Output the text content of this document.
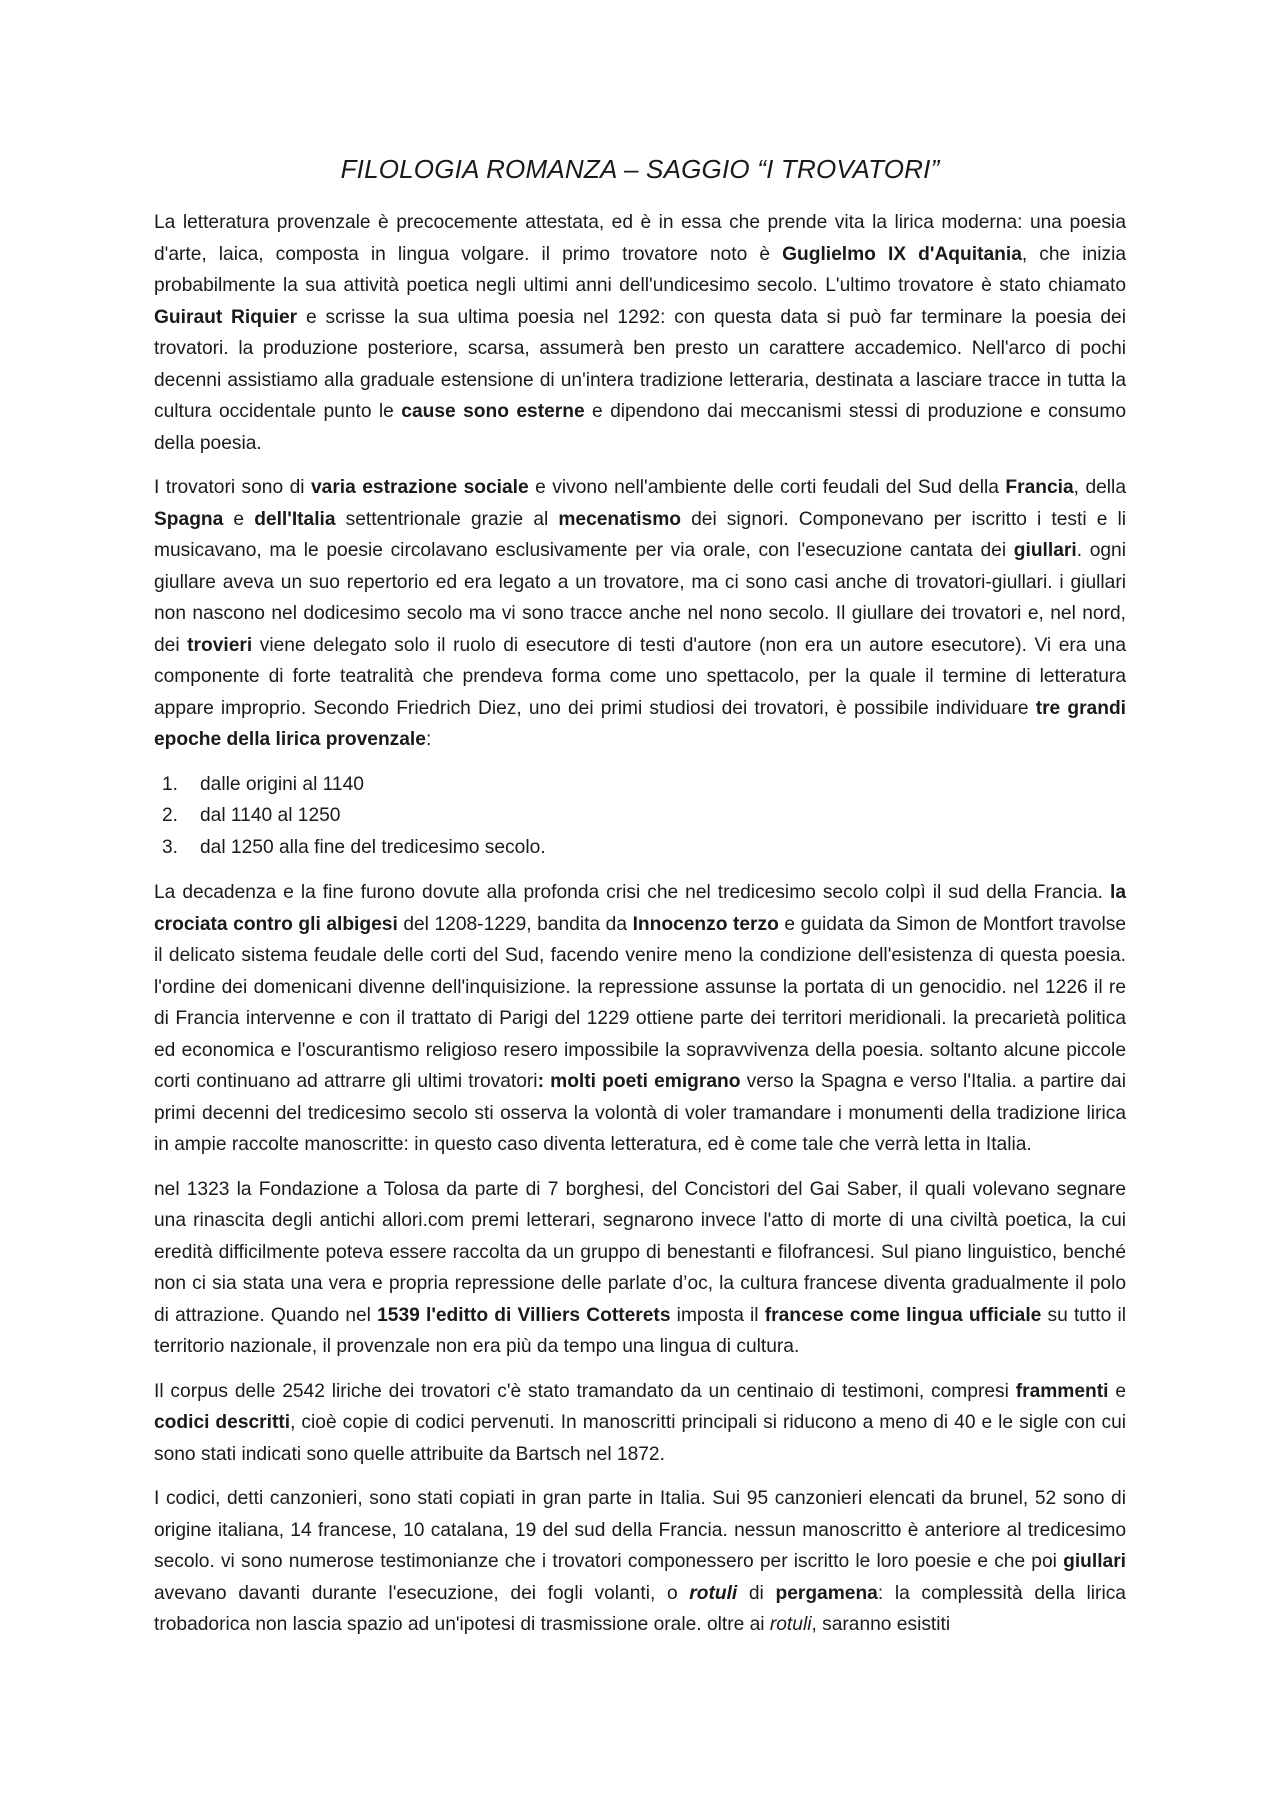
FILOLOGIA ROMANZA – SAGGIO “I TROVATORI”

La letteratura provenzale è precocemente attestata, ed è in essa che prende vita la lirica moderna: una poesia d'arte, laica, composta in lingua volgare. il primo trovatore noto è Guglielmo IX d'Aquitania, che inizia probabilmente la sua attività poetica negli ultimi anni dell'undicesimo secolo. L'ultimo trovatore è stato chiamato Guiraut Riquier e scrisse la sua ultima poesia nel 1292: con questa data si può far terminare la poesia dei trovatori. la produzione posteriore, scarsa, assumerà ben presto un carattere accademico. Nell'arco di pochi decenni assistiamo alla graduale estensione di un'intera tradizione letteraria, destinata a lasciare tracce in tutta la cultura occidentale punto le cause sono esterne e dipendono dai meccanismi stessi di produzione e consumo della poesia.

I trovatori sono di varia estrazione sociale e vivono nell'ambiente delle corti feudali del Sud della Francia, della Spagna e dell'Italia settentrionale grazie al mecenatismo dei signori. Componevano per iscritto i testi e li musicavano, ma le poesie circolavano esclusivamente per via orale, con l'esecuzione cantata dei giullari. ogni giullare aveva un suo repertorio ed era legato a un trovatore, ma ci sono casi anche di trovatori-giullari. i giullari non nascono nel dodicesimo secolo ma vi sono tracce anche nel nono secolo. Il giullare dei trovatori e, nel nord, dei trovieri viene delegato solo il ruolo di esecutore di testi d'autore (non era un autore esecutore). Vi era una componente di forte teatralità che prendeva forma come uno spettacolo, per la quale il termine di letteratura appare improprio. Secondo Friedrich Diez, uno dei primi studiosi dei trovatori, è possibile individuare tre grandi epoche della lirica provenzale:

1. dalle origini al 1140
2. dal 1140 al 1250
3. dal 1250 alla fine del tredicesimo secolo.

La decadenza e la fine furono dovute alla profonda crisi che nel tredicesimo secolo colpì il sud della Francia. la crociata contro gli albigesi del 1208-1229, bandita da Innocenzo terzo e guidata da Simon de Montfort travolse il delicato sistema feudale delle corti del Sud, facendo venire meno la condizione dell'esistenza di questa poesia. l'ordine dei domenicani divenne dell'inquisizione. la repressione assunse la portata di un genocidio. nel 1226 il re di Francia intervenne e con il trattato di Parigi del 1229 ottiene parte dei territori meridionali. la precarietà politica ed economica e l'oscurantismo religioso resero impossibile la sopravvivenza della poesia. soltanto alcune piccole corti continuano ad attrarre gli ultimi trovatori: molti poeti emigrano verso la Spagna e verso l'Italia. a partire dai primi decenni del tredicesimo secolo sti osserva la volontà di voler tramandare i monumenti della tradizione lirica in ampie raccolte manoscritte: in questo caso diventa letteratura, ed è come tale che verrà letta in Italia.

nel 1323 la Fondazione a Tolosa da parte di 7 borghesi, del Concistori del Gai Saber, il quali volevano segnare una rinascita degli antichi allori.com premi letterari, segnarono invece l'atto di morte di una civiltà poetica, la cui eredità difficilmente poteva essere raccolta da un gruppo di benestanti e filofrancesi. Sul piano linguistico, benché non ci sia stata una vera e propria repressione delle parlate d’oc, la cultura francese diventa gradualmente il polo di attrazione. Quando nel 1539 l'editto di Villiers Cotterets imposta il francese come lingua ufficiale su tutto il territorio nazionale, il provenzale non era più da tempo una lingua di cultura.

Il corpus delle 2542 liriche dei trovatori c'è stato tramandato da un centinaio di testimoni, compresi frammenti e codici descritti, cioè copie di codici pervenuti. In manoscritti principali si riducono a meno di 40 e le sigle con cui sono stati indicati sono quelle attribuite da Bartsch nel 1872.

I codici, detti canzonieri, sono stati copiati in gran parte in Italia. Sui 95 canzonieri elencati da brunel, 52 sono di origine italiana, 14 francese, 10 catalana, 19 del sud della Francia. nessun manoscritto è anteriore al tredicesimo secolo. vi sono numerose testimonianze che i trovatori componessero per iscritto le loro poesie e che poi giullari avevano davanti durante l'esecuzione, dei fogli volanti, o rotuli di pergamena: la complessità della lirica trobadorica non lascia spazio ad un'ipotesi di trasmissione orale. oltre ai rotuli, saranno esistiti
